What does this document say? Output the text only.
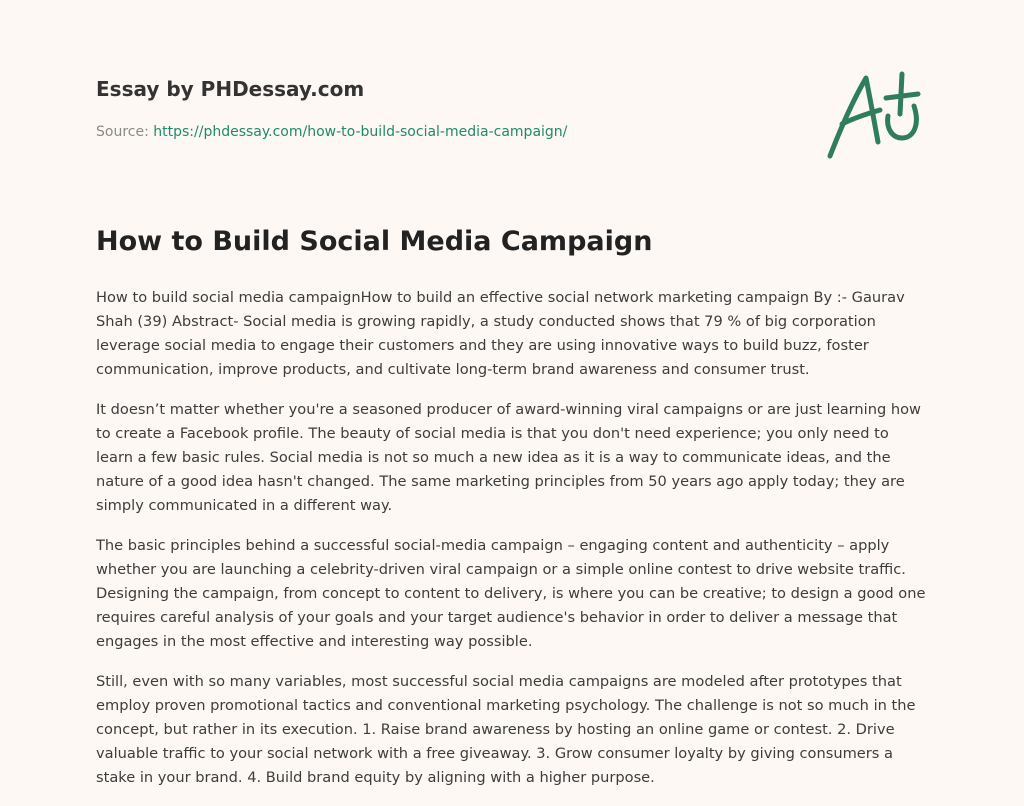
Essay by PHDessay.com
Source: https://phdessay.com/how-to-build-social-media-campaign/
How to Build Social Media Campaign

How to build social media campaignHow to build an effective social network marketing campaign By :- Gaurav Shah (39) Abstract- Social media is growing rapidly, a study conducted shows that 79 % of big corporation leverage social media to engage their customers and they are using innovative ways to build buzz, foster communication, improve products, and cultivate long-term brand awareness and consumer trust.

It doesn’t matter whether you're a seasoned producer of award-winning viral campaigns or are just learning how to create a Facebook profile. The beauty of social media is that you don't need experience; you only need to learn a few basic rules. Social media is not so much a new idea as it is a way to communicate ideas, and the nature of a good idea hasn't changed. The same marketing principles from 50 years ago apply today; they are simply communicated in a different way.

The basic principles behind a successful social-media campaign – engaging content and authenticity – apply whether you are launching a celebrity-driven viral campaign or a simple online contest to drive website traffic. Designing the campaign, from concept to content to delivery, is where you can be creative; to design a good one requires careful analysis of your goals and your target audience's behavior in order to deliver a message that engages in the most effective and interesting way possible.

Still, even with so many variables, most successful social media campaigns are modeled after prototypes that employ proven promotional tactics and conventional marketing psychology. The challenge is not so much in the concept, but rather in its execution. 1. Raise brand awareness by hosting an online game or contest. 2. Drive valuable traffic to your social network with a free giveaway. 3. Grow consumer loyalty by giving consumers a stake in your brand. 4. Build brand equity by aligning with a higher purpose.
